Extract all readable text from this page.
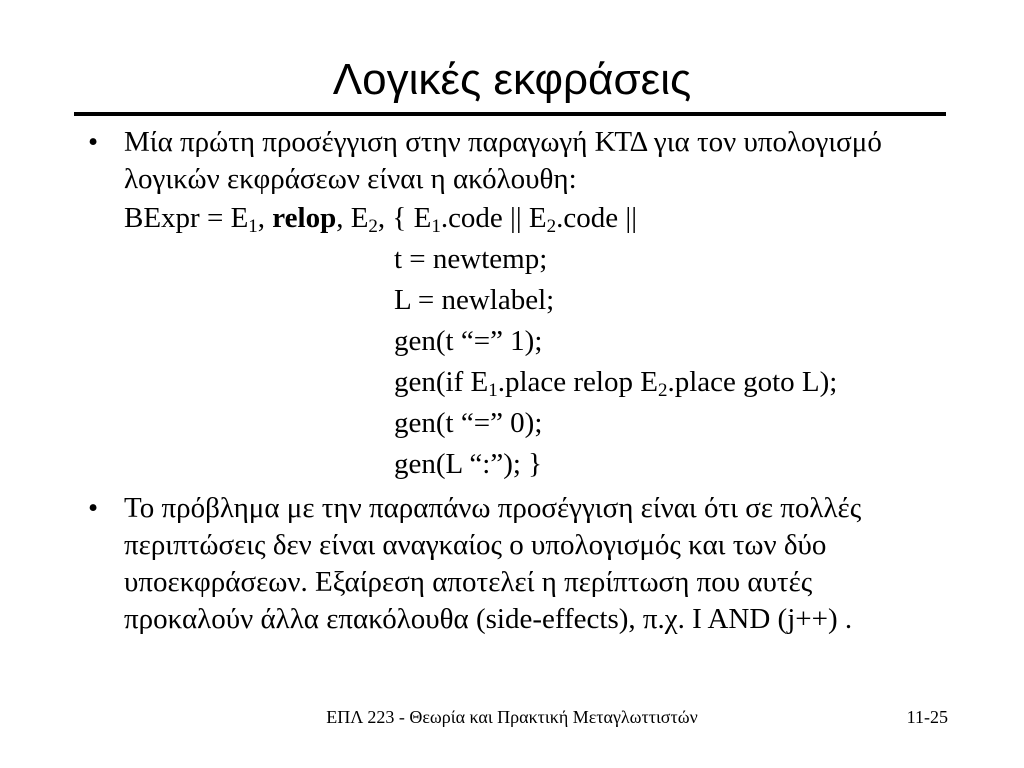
Λογικές εκφράσεις
• Μία πρώτη προσέγγιση στην παραγωγή ΚΤΔ για τον υπολογισμό λογικών εκφράσεων είναι η ακόλουθη:
BExpr = $E_1$, relop, $E_2$, { $E_1.code$ || $E_2.code$ ||
t = newtemp;
L = newlabel;
gen(t “=” 1);
gen(if $E_1.place$ relop $E_2.place$ goto L);
gen(t “=” 0);
gen(L “:”); }
• Το πρόβλημα με την παραπάνω προσέγγιση είναι ότι σε πολλές περιπτώσεις δεν είναι αναγκαίος ο υπολογισμός και των δύο υποεκφράσεων. Εξαίρεση αποτελεί η περίπτωση που αυτές προκαλούν άλλα επακόλουθα (side-effects), π.χ. I AND (j++) .
ΕΠΛ 223 - Θεωρία και Πρακτική Μεταγλωττιστών	11-25
